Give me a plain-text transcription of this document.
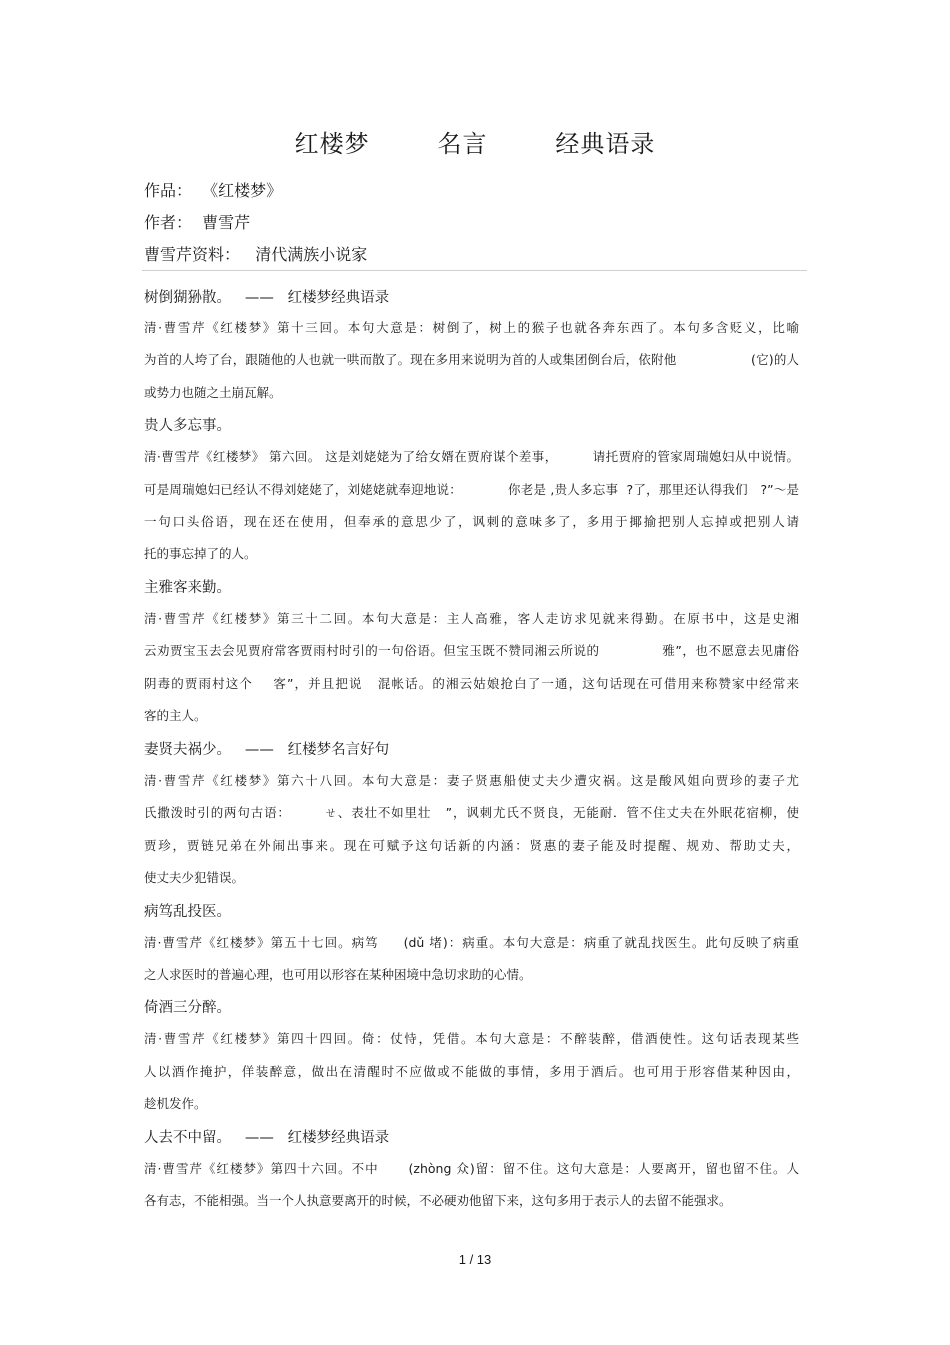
红楼梦   名言   经典语录
作品：  《红楼梦》
作者：  曹雪芹
曹雪芹资料：   清代满族小说家
树倒猢狲散。   ——   红楼梦经典语录
清·曹雪芹《红楼梦》第十三回。本句大意是：树倒了，树上的猴子也就各奔东西了。本句多含贬义，比喻
为首的人垮了台，跟随他的人也就一哄而散了。现在多用来说明为首的人或集团倒台后，依附他                  (它)的人
或势力也随之土崩瓦解。
贵人多忘事。
清·曹雪芹《红楼梦》 第六回。 这是刘姥姥为了给女婿在贾府谋个差事，        请托贾府的管家周瑞媳妇从中说情。
可是周瑞媳妇已经认不得刘姥姥了，刘姥姥就奉迎地说：           你老是 ,贵人多忘事  ?了，那里还认得我们   ?”～是
一句口头俗语，现在还在使用，但奉承的意思少了，讽刺的意味多了，多用于揶揄把别人忘掉或把别人请
托的事忘掉了的人。
主雅客来勤。
清·曹雪芹《红楼梦》第三十二回。本句大意是：主人高雅，客人走访求见就来得勤。在原书中，这是史湘
云劝贾宝玉去会见贾府常客贾雨村时引的一句俗语。但宝玉既不赞同湘云所说的              雅”，也不愿意去见庸俗
阴毒的贾雨村这个    客”，并且把说   混帐话。的湘云姑娘抢白了一通，这句话现在可借用来称赞家中经常来
客的主人。
妻贤夫祸少。   ——   红楼梦名言好句
清·曹雪芹《红楼梦》第六十八回。本句大意是：妻子贤惠船使丈夫少遭灾祸。这是酸风姐向贾珍的妻子尤
氏撒泼时引的两句古语：       ㄝ、表壮不如里壮   ”，讽刺尤氏不贤良，无能耐．管不住丈夫在外眠花宿柳，使
贾珍，贾链兄弟在外闹出事来。现在可赋予这句话新的内涵：贤惠的妻子能及时提醒、规劝、帮助丈夫，
使丈夫少犯错误。
病笃乱投医。
清·曹雪芹《红楼梦》第五十七回。病笃     (dǔ 堵)：病重。本句大意是：病重了就乱找医生。此句反映了病重
之人求医时的普遍心理，也可用以形容在某种困境中急切求助的心情。
倚酒三分醉。
清·曹雪芹《红楼梦》第四十四回。倚：仗恃，凭借。本句大意是：不醉装醉，借酒使性。这句话表现某些
人以酒作掩护，佯装醉意，做出在清醒时不应做或不能做的事情，多用于酒后。也可用于形容借某种因由，
趁机发作。
人去不中留。   ——   红楼梦经典语录
清·曹雪芹《红楼梦》第四十六回。不中      (zhòng 众)留：留不住。这句大意是：人要离开，留也留不住。人
各有志，不能相强。当一个人执意要离开的时候，不必硬劝他留下来，这句多用于表示人的去留不能强求。
1 / 13
